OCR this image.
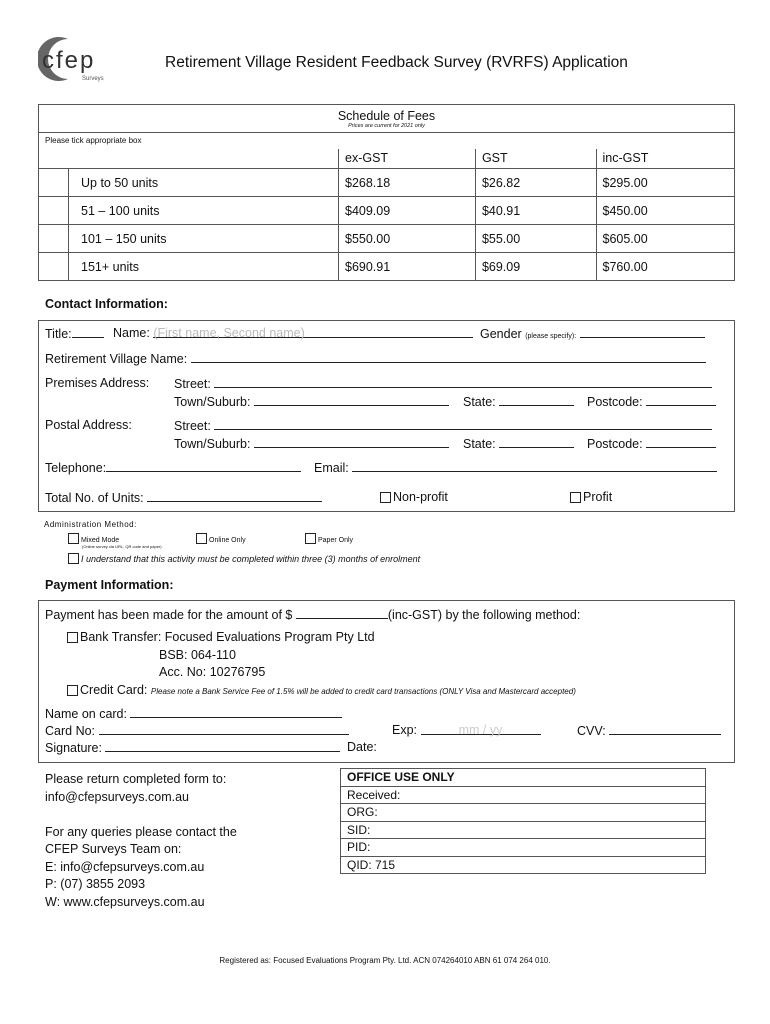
cfep
Surveys
Retirement Village Resident Feedback Survey (RVRFS) Application
Schedule of Fees
Prices are current for 2021 only				

Please tick appropriate box				
		ex-GST	GST	inc-GST
	Up to 50 units	$268.18	$26.82	$295.00
	51 – 100 units	$409.09	$40.91	$450.00
	101 – 150 units	$550.00	$55.00	$605.00
	151+ units	$690.91	$69.09	$760.00
Contact Information:
Title:	Name: (First name, Second name)	Gender (please specify):
Retirement Village Name:
Premises Address: Street:
Town/Suburb:	State:	Postcode:
Postal Address:	Street:
Town/Suburb:	State:	Postcode:
Telephone:	Email:
Total No. of Units:	Non-profit	Profit
Administration Method:
Mixed Mode
(Online survey via URL, QR code and paper)
Online Only	Paper Only
I understand that this activity must be completed within three (3) months of enrolment
Payment Information:
Payment has been made for the amount of $	(inc-GST) by the following method:
Bank Transfer: Focused Evaluations Program Pty Ltd
BSB: 064-110
Acc. No: 10276795
Credit Card: Please note a Bank Service Fee of 1.5% will be added to credit card transactions (ONLY Visa and Mastercard accepted)
Name on card:
Card No:	Exp:	mm / yy	CVV:
Signature:	Date:
Please return completed form to:
info@cfepsurveys.com.au

For any queries please contact the
CFEP Surveys Team on:
E: info@cfepsurveys.com.au
P: (07) 3855 2093
W: www.cfepsurveys.com.au
OFFICE USE ONLY
Received:
ORG:
SID:
PID:
QID: 715
Registered as: Focused Evaluations Program Pty. Ltd. ACN 074264010 ABN 61 074 264 010.
